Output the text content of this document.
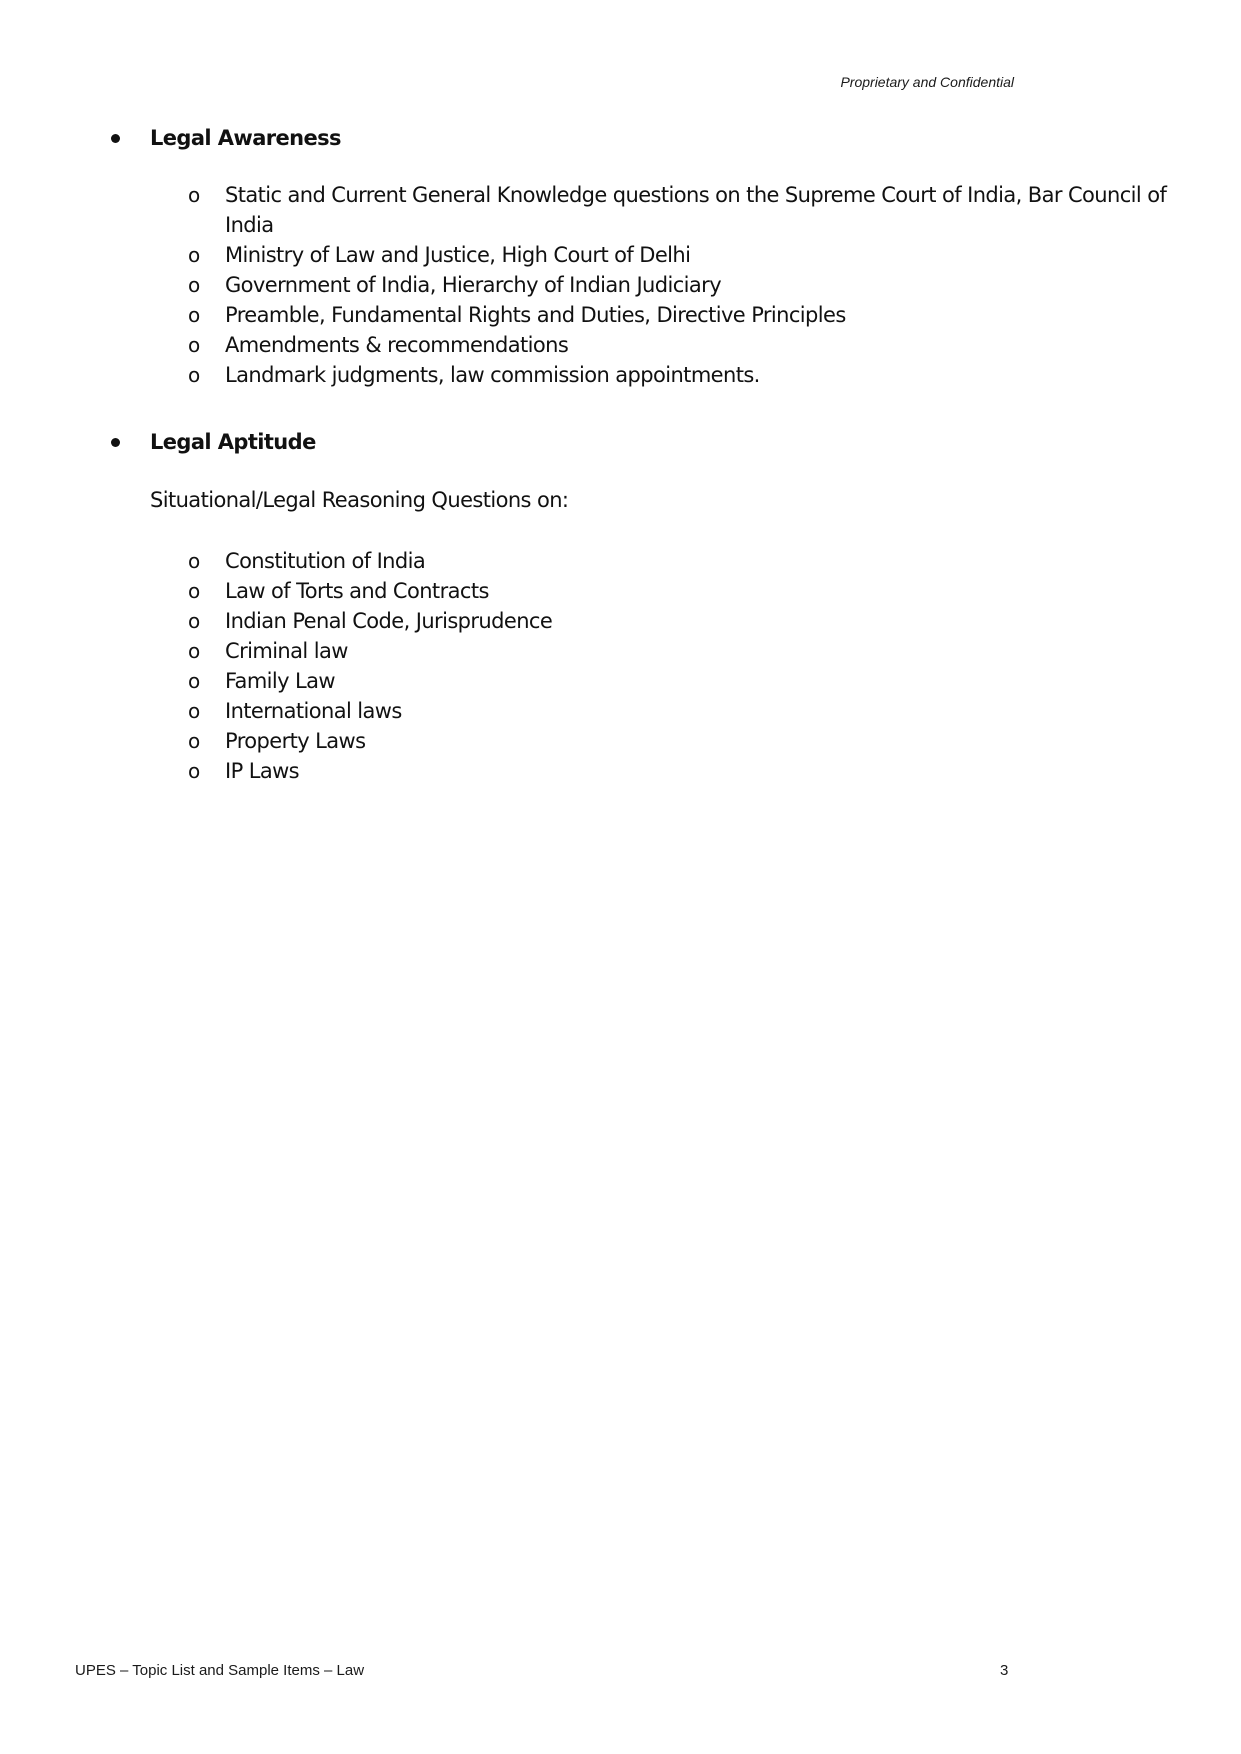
Proprietary and Confidential
Legal Awareness
o Static and Current General Knowledge questions on the Supreme Court of India, Bar Council of India
o Ministry of Law and Justice, High Court of Delhi
o Government of India, Hierarchy of Indian Judiciary
o Preamble, Fundamental Rights and Duties, Directive Principles
o Amendments & recommendations
o Landmark judgments, law commission appointments.
Legal Aptitude
Situational/Legal Reasoning Questions on:
o Constitution of India
o Law of Torts and Contracts
o Indian Penal Code, Jurisprudence
o Criminal law
o Family Law
o International laws
o Property Laws
o IP Laws
UPES – Topic List and Sample Items – Law	3
